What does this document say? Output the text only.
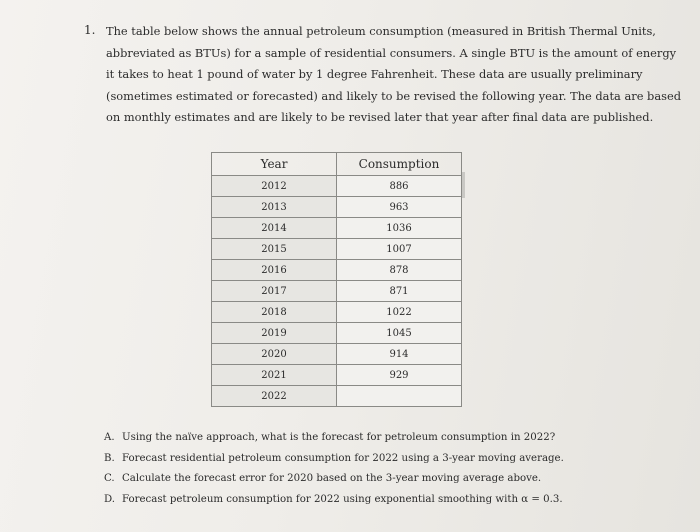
1. The table below shows the annual petroleum consumption (measured in British Thermal Units,
abbreviated as BTUs) for a sample of residential consumers. A single BTU is the amount of energy
it takes to heat 1 pound of water by 1 degree Fahrenheit. These data are usually preliminary
(sometimes estimated or forecasted) and likely to be revised the following year. The data are based
on monthly estimates and are likely to be revised later that year after final data are published.

Year	Consumption
2012	886
2013	963
2014	1036
2015	1007
2016	878
2017	871
2018	1022
2019	1045
2020	914
2021	929
2022	
A. Using the naïve approach, what is the forecast for petroleum consumption in 2022?
B. Forecast residential petroleum consumption for 2022 using a 3-year moving average.
C. Calculate the forecast error for 2020 based on the 3-year moving average above.
D. Forecast petroleum consumption for 2022 using exponential smoothing with α = 0.3.
